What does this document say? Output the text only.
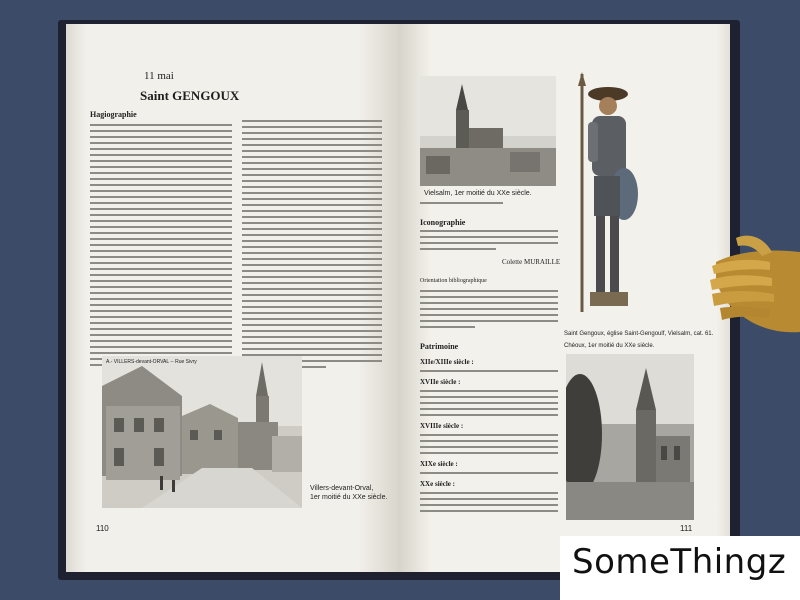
11 mai
Saint GENGOUX
Hagiographie
A.- VILLERS-devant-ORVAL -- Rue Sivry
Villers-devant-Orval,
1er moitié du XXe siècle.
110
Vielsalm, 1er moitié du XXe siècle.
Iconographie
Colette MURAILLE
Orientation bibliographique
Patrimoine
XIIe/XIIIe siècle :
XVIIe siècle :
XVIIIe siècle :
XIXe siècle :
XXe siècle :
Saint Gengoux, église Saint-Gengoulf, Vielsalm, cat. 61.
Chéoux, 1er moitié du XXe siècle.
111
SomeThingz
